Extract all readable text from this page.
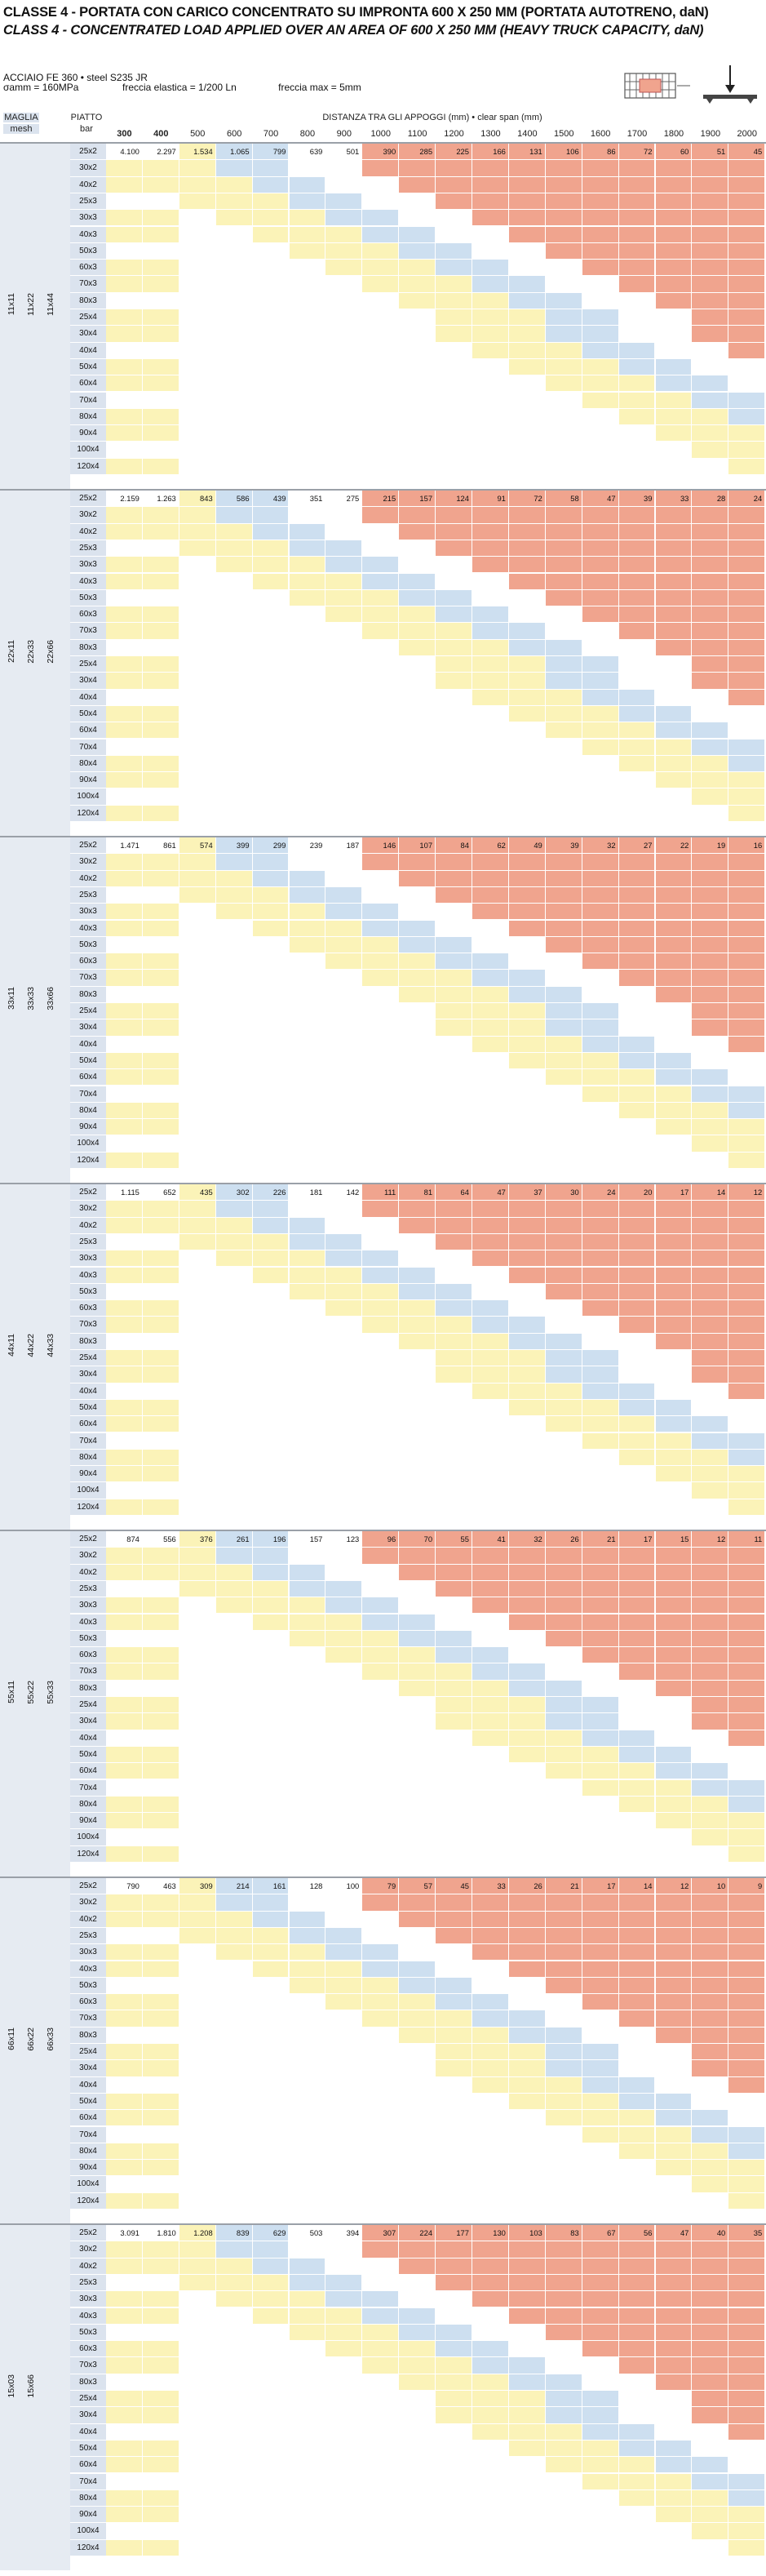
CLASSE 4 - PORTATA CON CARICO CONCENTRATO SU IMPRONTA 600 X 250 MM (PORTATA AUTOTRENO, daN)
CLASS 4 - CONCENTRATED LOAD APPLIED OVER AN AREA OF 600 X 250 MM (HEAVY TRUCK CAPACITY, daN)
ACCIAIO FE 360 • steel S235 JR
σamm = 160MPa	freccia elastica = 1/200 Ln	freccia max = 5mm
MAGLIA
mesh
PIATTO
bar
DISTANZA TRA GLI APPOGGI (mm) • clear span (mm)
300	400	500	600	700	800	900	1000	1100	1200	1300	1400	1500	1600	1700	1800	1900	2000
11x11 11x22 11x44
25x2	4.100	2.297	1.534	1.065	799	639	501	390	285	225	166	131	106	86	72	60	51	45
30x2
40x2
25x3
30x3
40x3
50x3
60x3
70x3
80x3
25x4
30x4
40x4
50x4
60x4
70x4
80x4
90x4
100x4
120x4
22x11 22x33 22x66
25x2	2.159	1.263	843	586	439	351	275	215	157	124	91	72	58	47	39	33	28	24
30x2
40x2
25x3
30x3
40x3
50x3
60x3
70x3
80x3
25x4
30x4
40x4
50x4
60x4
70x4
80x4
90x4
100x4
120x4
33x11 33x33 33x66
25x2	1.471	861	574	399	299	239	187	146	107	84	62	49	39	32	27	22	19	16
30x2
40x2
25x3
30x3
40x3
50x3
60x3
70x3
80x3
25x4
30x4
40x4
50x4
60x4
70x4
80x4
90x4
100x4
120x4
44x11 44x22 44x33
25x2	1.115	652	435	302	226	181	142	111	81	64	47	37	30	24	20	17	14	12
30x2
40x2
25x3
30x3
40x3
50x3
60x3
70x3
80x3
25x4
30x4
40x4
50x4
60x4
70x4
80x4
90x4
100x4
120x4
55x11 55x22 55x33
25x2	874	556	376	261	196	157	123	96	70	55	41	32	26	21	17	15	12	11
30x2
40x2
25x3
30x3
40x3
50x3
60x3
70x3
80x3
25x4
30x4
40x4
50x4
60x4
70x4
80x4
90x4
100x4
120x4
66x11 66x22 66x33
25x2	790	463	309	214	161	128	100	79	57	45	33	26	21	17	14	12	10	9
30x2
40x2
25x3
30x3
40x3
50x3
60x3
70x3
80x3
25x4
30x4
40x4
50x4
60x4
70x4
80x4
90x4
100x4
120x4
15x03 15x66
25x2	3.091	1.810	1.208	839	629	503	394	307	224	177	130	103	83	67	56	47	40	35
30x2
40x2
25x3
30x3
40x3
50x3
60x3
70x3
80x3
25x4
30x4
40x4
50x4
60x4
70x4
80x4
90x4
100x4
120x4
